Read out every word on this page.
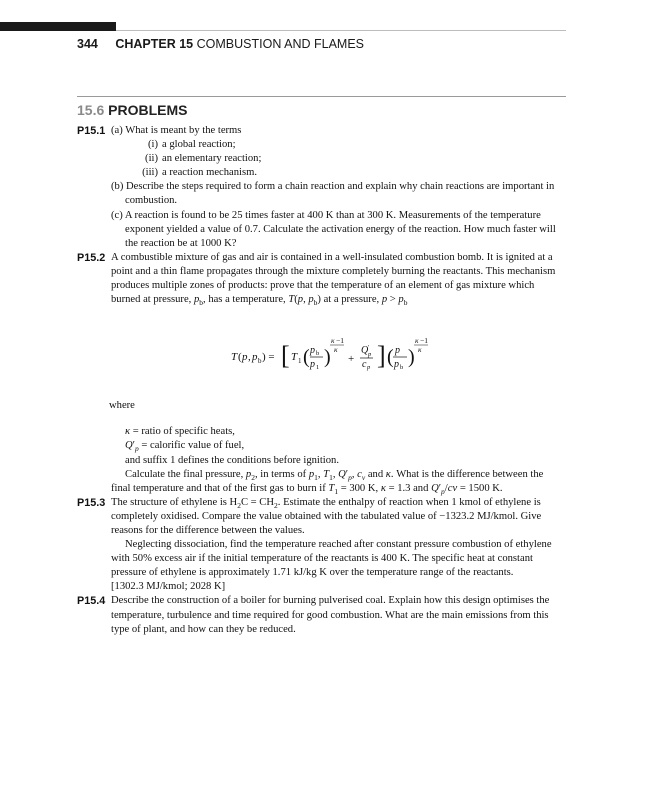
344 CHAPTER 15 COMBUSTION AND FLAMES
15.6 PROBLEMS
P15.1 (a) What is meant by the terms
(i) a global reaction;
(ii) an elementary reaction;
(iii) a reaction mechanism.
(b) Describe the steps required to form a chain reaction and explain why chain reactions are important in combustion.
(c) A reaction is found to be 25 times faster at 400 K than at 300 K. Measurements of the temperature exponent yielded a value of 0.7. Calculate the activation energy of the reaction. How much faster will the reaction be at 1000 K?
P15.2 A combustible mixture of gas and air is contained in a well-insulated combustion bomb. It is ignited at a point and a thin flame propagates through the mixture completely burning the reactants. This mechanism produces multiple zones of products: prove that the temperature of an element of gas mixture which burned at pressure, $p_b$, has a temperature, T(p, $p_b$) at a pressure, $p > p_b$
T ( p , p b ) = [ T 1 ( p b
p 1 )
κ −1
κ
+
Q ′
p
c p ] ( p
p b )
κ −1
κ
where
κ = ratio of specific heats,
$Q'_p$ = calorific value of fuel,
and suffix 1 defines the conditions before ignition.
Calculate the final pressure, $p_2$, in terms of $p_1$, $T_1$, $Q'_p$, $c_v$ and κ. What is the difference between the final temperature and that of the first gas to burn if $T_1 = 300$ K, κ = 1.3 and $Q'_p/cv = 1500$ K.
P15.3 The structure of ethylene is $H_2C = CH_2$. Estimate the enthalpy of reaction when 1 kmol of ethylene is completely oxidised. Compare the value obtained with the tabulated value of −1323.2 MJ/kmol. Give reasons for the difference between the values.
Neglecting dissociation, find the temperature reached after constant pressure combustion of ethylene with 50% excess air if the initial temperature of the reactants is 400 K. The specific heat at constant pressure of ethylene is approximately 1.71 kJ/kg K over the temperature range of the reactants.
[1302.3 MJ/kmol; 2028 K]
P15.4 Describe the construction of a boiler for burning pulverised coal. Explain how this design optimises the temperature, turbulence and time required for good combustion. What are the main emissions from this type of plant, and how can they be reduced.
